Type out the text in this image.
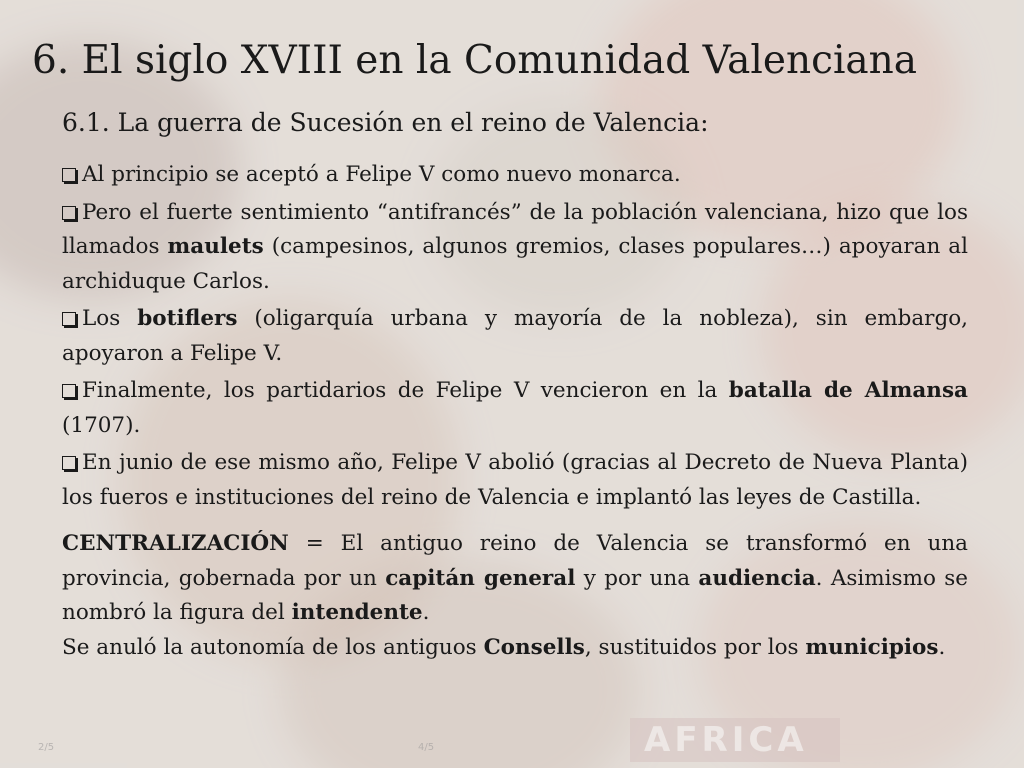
6. El siglo XVIII en la Comunidad Valenciana
6.1. La guerra de Sucesión en el reino de Valencia:

Al principio se aceptó a Felipe V como nuevo monarca.

Pero el fuerte sentimiento “antifrancés” de la población valenciana, hizo que los llamados maulets (campesinos, algunos gremios, clases populares…) apoyaran al archiduque Carlos.

Los botiflers (oligarquía urbana y mayoría de la nobleza), sin embargo, apoyaron a Felipe V.

Finalmente, los partidarios de Felipe V vencieron en la batalla de Almansa (1707).

En junio de ese mismo año, Felipe V abolió (gracias al Decreto de Nueva Planta) los fueros e instituciones del reino de Valencia e implantó las leyes de Castilla.

CENTRALIZACIÓN = El antiguo reino de Valencia se transformó en una provincia, gobernada por un capitán general y por una audiencia. Asimismo se nombró la figura del intendente.

Se anuló la autonomía de los antiguos Consells, sustituidos por los municipios.
